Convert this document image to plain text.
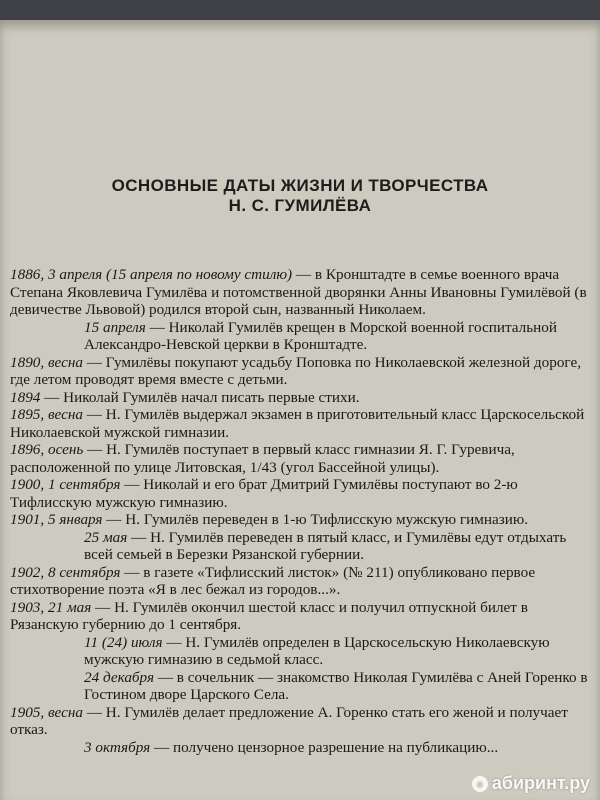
ОСНОВНЫЕ ДАТЫ ЖИЗНИ И ТВОРЧЕСТВА
Н. С. ГУМИЛЁВА

1886, 3 апреля (15 апреля по новому стилю) — в Кронштадте в семье военного врача Степана Яковлевича Гумилёва и потомственной дворянки Анны Ивановны Гумилёвой (в девичестве Львовой) родился второй сын, названный Николаем.

15 апреля — Николай Гумилёв крещен в Морской военной госпитальной Александро-Невской церкви в Кронштадте.

1890, весна — Гумилёвы покупают усадьбу Поповка по Николаевской железной дороге, где летом проводят время вместе с детьми.

1894 — Николай Гумилёв начал писать первые стихи.

1895, весна — Н. Гумилёв выдержал экзамен в приготовительный класс Царскосельской Николаевской мужской гимназии.

1896, осень — Н. Гумилёв поступает в первый класс гимназии Я. Г. Гуревича, расположенной по улице Литовская, 1/43 (угол Бассейной улицы).

1900, 1 сентября — Николай и его брат Дмитрий Гумилёвы поступают во 2-ю Тифлисскую мужскую гимназию.

1901, 5 января — Н. Гумилёв переведен в 1-ю Тифлисскую мужскую гимназию.

25 мая — Н. Гумилёв переведен в пятый класс, и Гумилёвы едут отдыхать всей семьей в Березки Рязанской губернии.

1902, 8 сентября — в газете «Тифлисский листок» (№ 211) опубликовано первое стихотворение поэта «Я в лес бежал из городов...».

1903, 21 мая — Н. Гумилёв окончил шестой класс и получил отпускной билет в Рязанскую губернию до 1 сентября.

11 (24) июля — Н. Гумилёв определен в Царскосельскую Николаевскую мужскую гимназию в седьмой класс.

24 декабря — в сочельник — знакомство Николая Гумилёва с Аней Горенко в Гостином дворе Царского Села.

1905, весна — Н. Гумилёв делает предложение А. Горенко стать его женой и получает отказ.

3 октября — получено цензорное разрешение на публикацию...

● абиринт.ру
